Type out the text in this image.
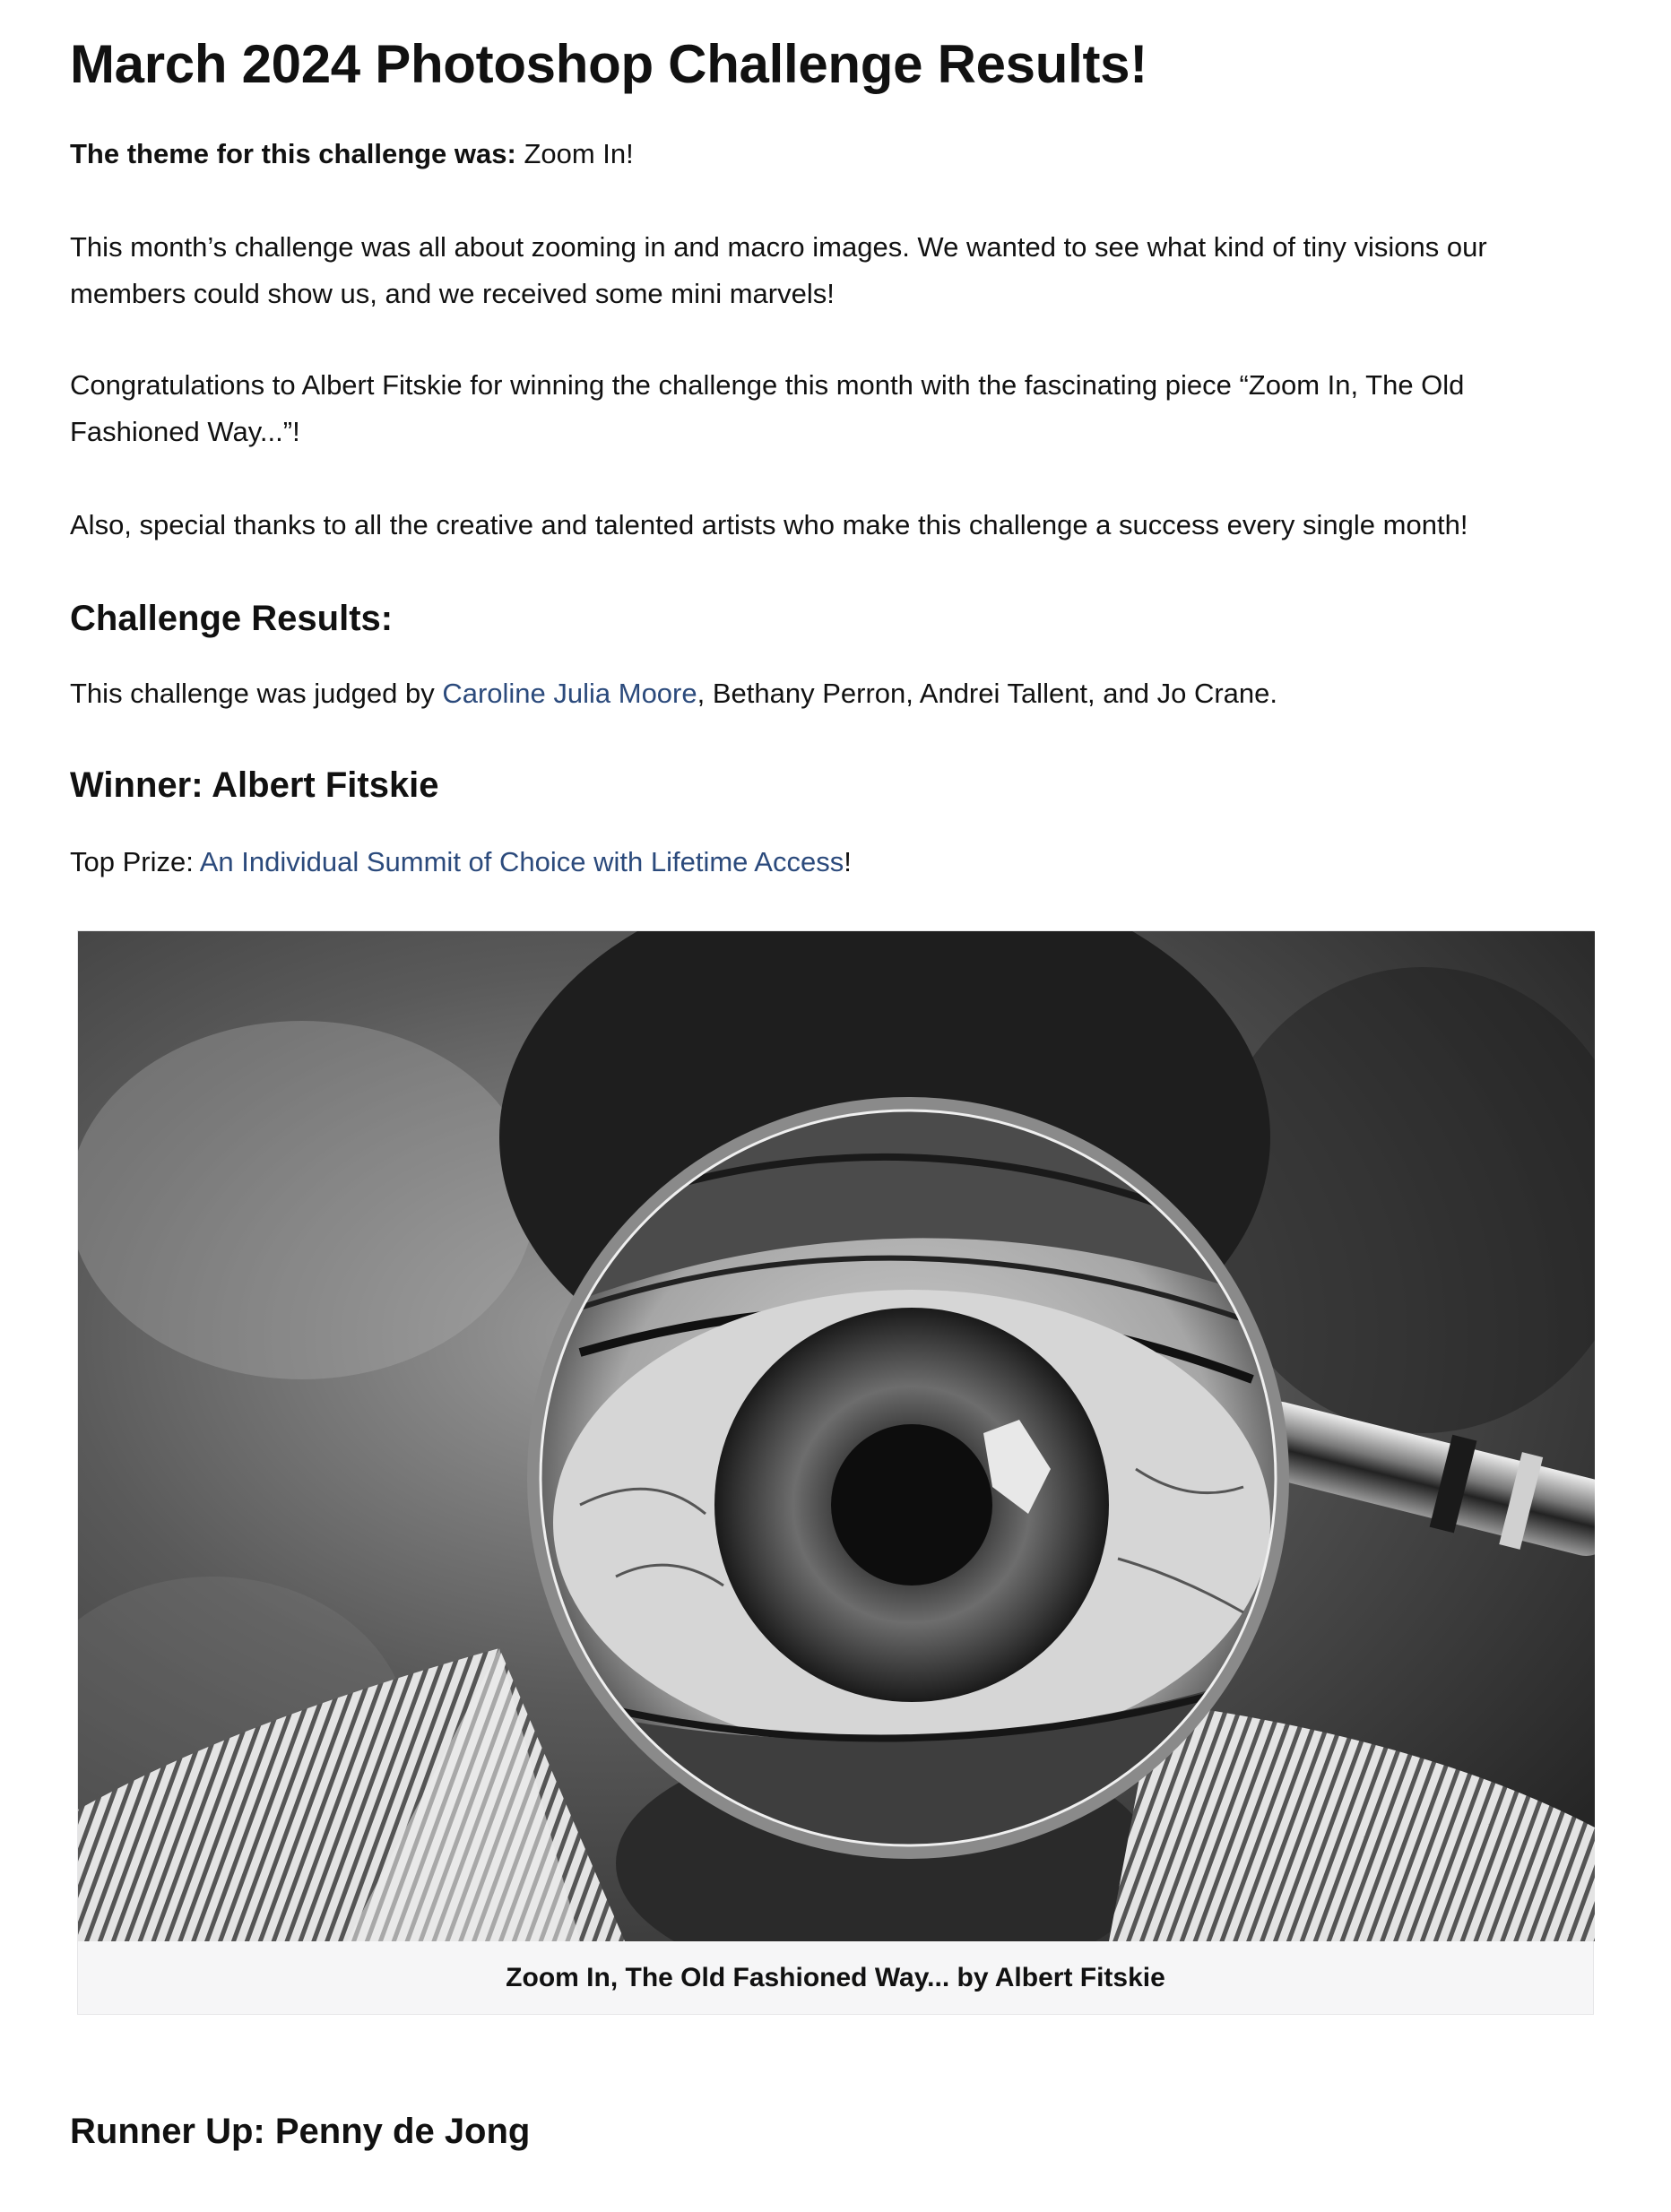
March 2024 Photoshop Challenge Results!

The theme for this challenge was: Zoom In!

This month’s challenge was all about zooming in and macro images. We wanted to see what kind of tiny visions our members could show us, and we received some mini marvels!

Congratulations to Albert Fitskie for winning the challenge this month with the fascinating piece “Zoom In, The Old Fashioned Way...”!

Also, special thanks to all the creative and talented artists who make this challenge a success every single month!

Challenge Results:

This challenge was judged by Caroline Julia Moore, Bethany Perron, Andrei Tallent, and Jo Crane.

Winner: Albert Fitskie

Top Prize: An Individual Summit of Choice with Lifetime Access!

Zoom In, The Old Fashioned Way... by Albert Fitskie
Runner Up: Penny de Jong
